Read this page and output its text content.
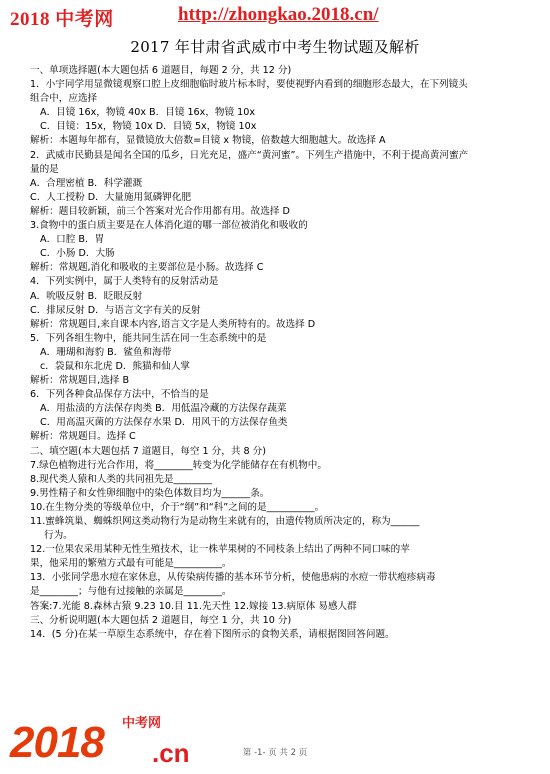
2018 中考网	http://zhongkao.2018.cn/
2017 年甘肃省武威市中考生物试题及解析
一、单项选择题(本大题包括 6 道题目，每题 2 分，共 12 分)
1．小宇同学用显微镜观察口腔上皮细胞临时玻片标本时，要使视野内看到的细胞形态最大，在下列镜头
组合中，应选择
A．目镜 16x，物镜 40x B．目镜 16x，物镜 10x
C．目镜：15x，物镜 10x D．目镜 5x，物镜 10x
解析：本题每年都有，显微镜放大倍数=目镜 x 物镜，倍数越大细胞越大。故选择 A
2．武威市民勤县是闻名全国的瓜乡，日光充足，盛产“黄河蜜”。下列生产措施中，不利于提高黄河蜜产
量的是
A．合理密植 B．科学灌溉
C．人工授粉 D．大量施用氮磷钾化肥
解析：题目较新颖，前三个答案对光合作用都有用。故选择 D
3.食物中的蛋白质主要是在人体消化道的哪一部位被消化和吸收的
A．口腔 B．胃
C．小肠 D．大肠
解析：常规题,消化和吸收的主要部位是小肠。故选择 C
4．下列实例中，属于人类特有的反射活动是
A．吮吸反射 B．眨眼反射
C．排尿反射 D．与语言文字有关的反射
解析：常规题目,来自课本内容,语言文字是人类所特有的。故选择 D
5．下列各组生物中，能共同生活在同一生态系统中的是
A．珊瑚和海豹 B．鲨鱼和海带
c．袋鼠和东北虎 D．熊猫和仙人掌
解析：常规题目,选择 B
6．下列各种食品保存方法中，不恰当的是
A．用盐渍的方法保存肉类 B．用低温冷藏的方法保存蔬菜
C．用高温灭菌的方法保存水果 D．用风干的方法保存鱼类
解析：常规题目。选择 C
二、填空题(本大题包括 7 道题目，每空 1 分，共 8 分)
7.绿色植物进行光合作用，将________转变为化学能储存在有机物中。
8.现代类人猿和人类的共同祖先是________
9.男性精子和女性卵细胞中的染色体数目均为______条。
10.在生物分类的等级单位中，介于“纲”和“科”之间的是__________。
11.蜜蜂筑巢、蜘蛛织网这类动物行为是动物生来就有的，由遗传物质所决定的，称为______
行为。
12.一位果农采用某种无性生殖技术，让一株苹果树的不同枝条上结出了两种不同口味的苹
果，他采用的繁殖方式最有可能是__________。
13．小张同学患水痘在家休息，从传染病传播的基本环节分析，使他患病的水痘一带状疱疹病毒
是________；与他有过接触的亲属是________。
答案:7.光能 8.森林古猿 9.23 10.目 11.先天性 12.嫁接 13.病原体 易感人群
三、分析说明题(本大题包括 2 道题目，每空 1 分，共 10 分)
14．(5 分)在某一草原生态系统中，存在着下图所示的食物关系，请根据图回答问题。
中考网
2018 .cn	第 -1- 页 共 2 页
